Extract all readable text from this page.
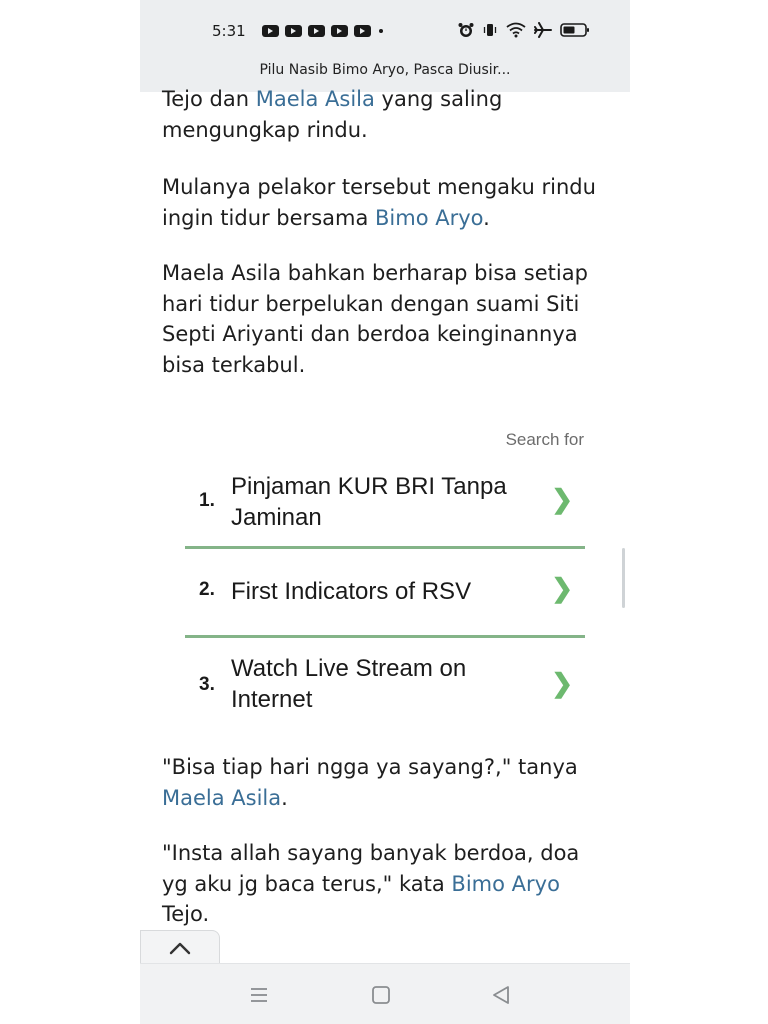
5:31
Pilu Nasib Bimo Aryo, Pasca Diusir...

Tejo dan Maela Asila yang saling mengungkap rindu.

Mulanya pelakor tersebut mengaku rindu ingin tidur bersama Bimo Aryo.

Maela Asila bahkan berharap bisa setiap hari tidur berpelukan dengan suami Siti Septi Ariyanti dan berdoa keinginannya bisa terkabul.

"Bisa tiap hari ngga ya sayang?," tanya Maela Asila.

"Insta allah sayang banyak berdoa, doa yg aku jg baca terus," kata Bimo Aryo Tejo.

Search for
1.
Pinjaman KUR BRI Tanpa Jaminan
❯
2. First Indicators of RSV	❯
3.
Watch Live Stream on Internet
❯
